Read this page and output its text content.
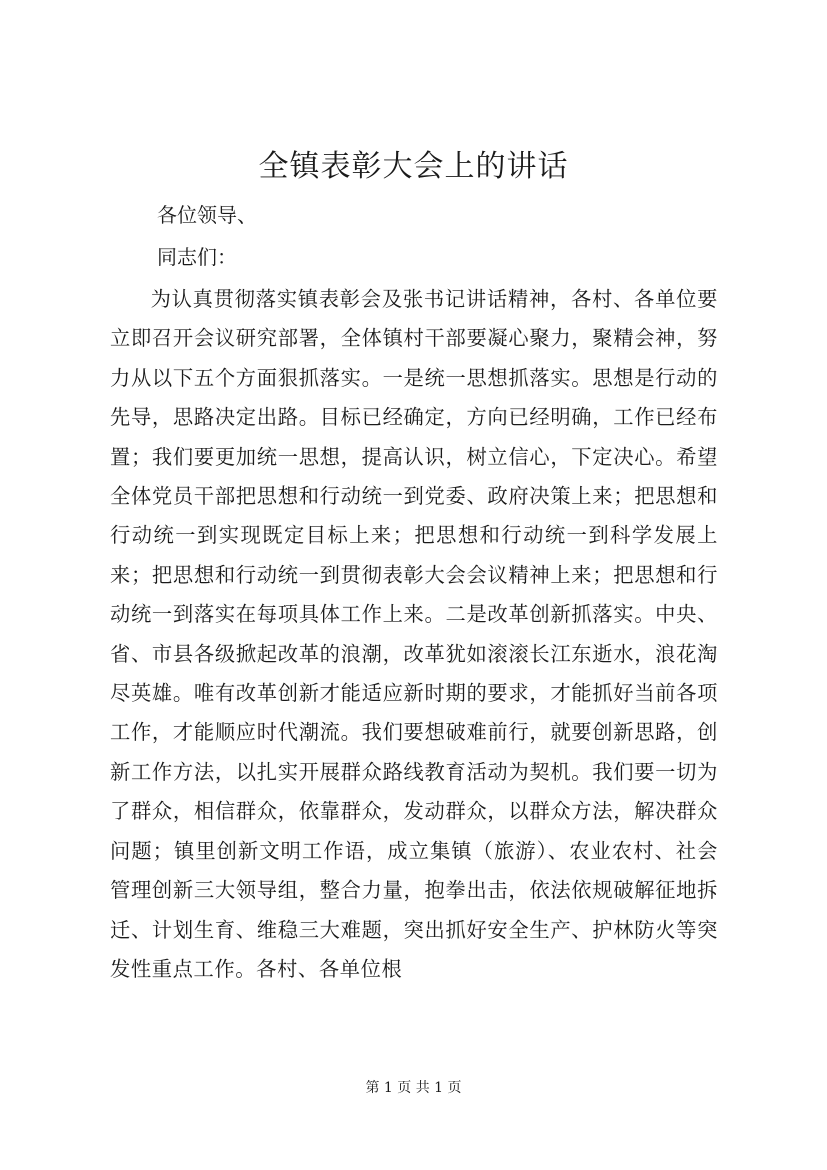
全镇表彰大会上的讲话

各位领导、

同志们：

为认真贯彻落实镇表彰会及张书记讲话精神，各村、各单位要立即召开会议研究部署，全体镇村干部要凝心聚力，聚精会神，努力从以下五个方面狠抓落实。一是统一思想抓落实。思想是行动的先导，思路决定出路。目标已经确定，方向已经明确，工作已经布置；我们要更加统一思想，提高认识，树立信心，下定决心。希望全体党员干部把思想和行动统一到党委、政府决策上来；把思想和行动统一到实现既定目标上来；把思想和行动统一到科学发展上来；把思想和行动统一到贯彻表彰大会会议精神上来；把思想和行动统一到落实在每项具体工作上来。二是改革创新抓落实。中央、省、市县各级掀起改革的浪潮，改革犹如滚滚长江东逝水，浪花淘尽英雄。唯有改革创新才能适应新时期的要求，才能抓好当前各项工作，才能顺应时代潮流。我们要想破难前行，就要创新思路，创新工作方法，以扎实开展群众路线教育活动为契机。我们要一切为了群众，相信群众，依靠群众，发动群众，以群众方法，解决群众问题；镇里创新文明工作语，成立集镇（旅游）、农业农村、社会管理创新三大领导组，整合力量，抱拳出击，依法依规破解征地拆迁、计划生育、维稳三大难题，突出抓好安全生产、护林防火等突发性重点工作。各村、各单位根

第 1 页 共 1 页
